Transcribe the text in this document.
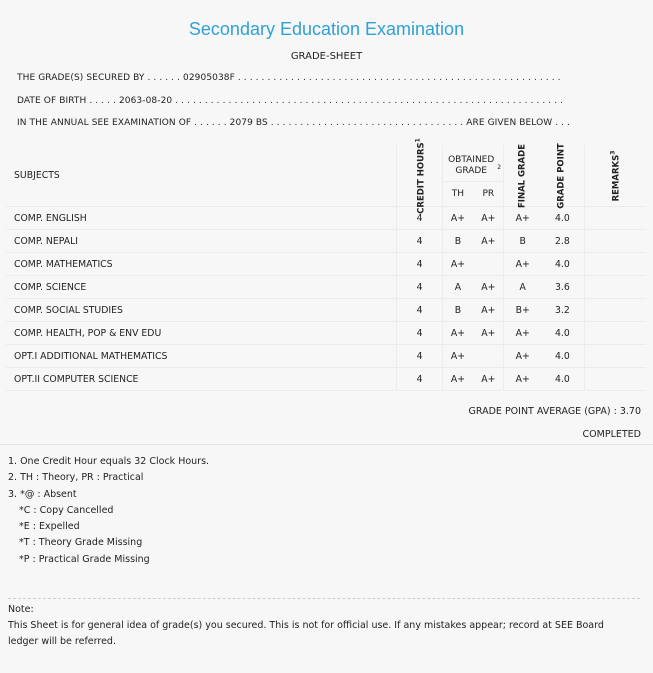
Secondary Education Examination
GRADE-SHEET
THE GRADE(S) SECURED BY . . . . . . 02905038F . . . . . . . . . . . . . . . . . . . . . . . . . . . . . . . . . . . . . . . . . . . . . . . . . . . . . . .
DATE OF BIRTH . . . . . 2063-08-20 . . . . . . . . . . . . . . . . . . . . . . . . . . . . . . . . . . . . . . . . . . . . . . . . . . . . . . . . . . . . . . . . . .
IN THE ANNUAL SEE EXAMINATION OF . . . . . . 2079 BS . . . . . . . . . . . . . . . . . . . . . . . . . . . . . . . . . ARE GIVEN BELOW . . .
SUBJECTS	CREDIT HOURS$^1$	OBTAINED GRADE $^2$		FINAL GRADE	GRADE POINT	REMARKS$^3$

		TH	PR			
COMP. ENGLISH	4	A+	A+	A+	4.0	
COMP. NEPALI	4	B	A+	B	2.8	
COMP. MATHEMATICS	4	A+		A+	4.0	
COMP. SCIENCE	4	A	A+	A	3.6	
COMP. SOCIAL STUDIES	4	B	A+	B+	3.2	
COMP. HEALTH, POP & ENV EDU	4	A+	A+	A+	4.0	
OPT.I ADDITIONAL MATHEMATICS	4	A+		A+	4.0	
OPT.II COMPUTER SCIENCE	4	A+	A+	A+	4.0	
GRADE POINT AVERAGE (GPA) : 3.70
COMPLETED
1. One Credit Hour equals 32 Clock Hours.
2. TH : Theory, PR : Practical
3. *@ : Absent
*C : Copy Cancelled
*E : Expelled
*T : Theory Grade Missing
*P : Practical Grade Missing
Note:
This Sheet is for general idea of grade(s) you secured. This is not for official use. If any mistakes appear; record at SEE Board ledger will be referred.
